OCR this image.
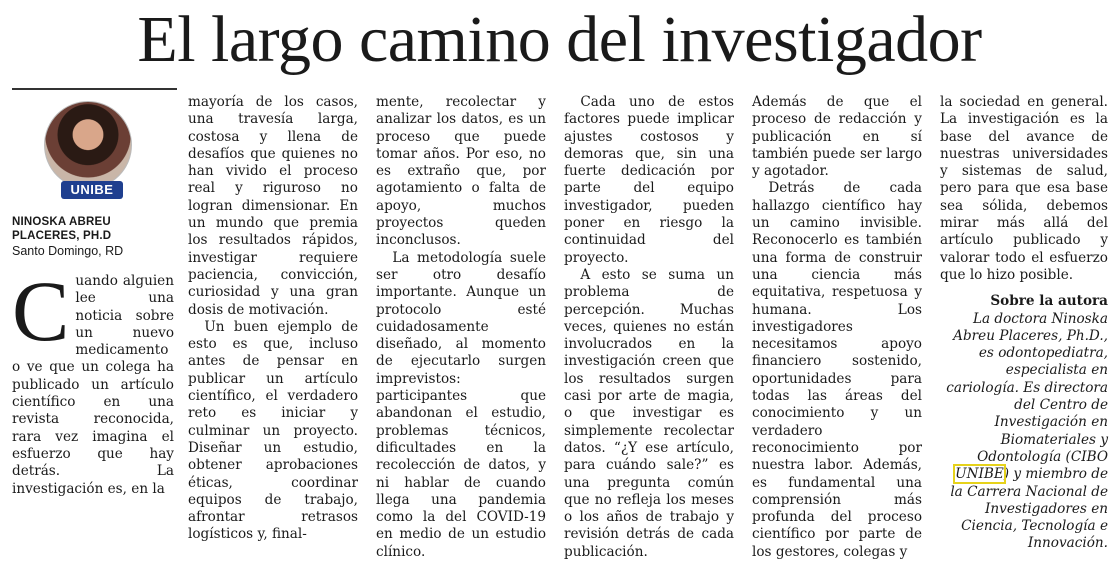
El largo camino del investigador
UNIBE
NINOSKA ABREU
PLACERES, PH.D
Santo Domingo, RD
C uando alguien lee una noticia sobre un nuevo medicamento o ve que un colega ha publicado un artículo científico en una revista reconocida, rara vez imagina el esfuerzo que hay detrás. La investigación es, en la

mayoría de los casos, una travesía larga, costosa y llena de desafíos que quienes no han vivido el proceso real y riguroso no logran dimensionar. En un mundo que premia los resultados rápidos, investigar requiere paciencia, convicción, curiosidad y una gran dosis de motivación.

Un buen ejemplo de esto es que, incluso antes de pensar en publicar un artículo científico, el verdadero reto es iniciar y culminar un proyecto. Diseñar un estudio, obtener aprobaciones éticas, coordinar equipos de trabajo, afrontar retrasos logísticos y, final-

mente, recolectar y analizar los datos, es un proceso que puede tomar años. Por eso, no es extraño que, por agotamiento o falta de apoyo, muchos proyectos queden inconclusos.

La metodología suele ser otro desafío importante. Aunque un protocolo esté cuidadosamente diseñado, al momento de ejecutarlo surgen imprevistos: participantes que abandonan el estudio, problemas técnicos, dificultades en la recolección de datos, y ni hablar de cuando llega una pandemia como la del COVID-19 en medio de un estudio clínico.

Cada uno de estos factores puede implicar ajustes costosos y demoras que, sin una fuerte dedicación por parte del equipo investigador, pueden poner en riesgo la continuidad del proyecto.

A esto se suma un problema de percepción. Muchas veces, quienes no están involucrados en la investigación creen que los resultados surgen casi por arte de magia, o que investigar es simplemente recolectar datos. “¿Y ese artículo, para cuándo sale?” es una pregunta común que no refleja los meses o los años de trabajo y revisión detrás de cada publicación.

Además de que el proceso de redacción y publicación en sí también puede ser largo y agotador.

Detrás de cada hallazgo científico hay un camino invisible. Reconocerlo es también una forma de construir una ciencia más equitativa, respetuosa y humana. Los investigadores necesitamos apoyo financiero sostenido, oportunidades para todas las áreas del conocimiento y un verdadero reconocimiento por nuestra labor. Además, es fundamental una comprensión más profunda del proceso científico por parte de los gestores, colegas y

la sociedad en general. La investigación es la base del avance de nuestras universidades y sistemas de salud, pero para que esa base sea sólida, debemos mirar más allá del artículo publicado y valorar todo el esfuerzo que lo hizo posible.

Sobre la autora

La doctora Ninoska Abreu Placeres, Ph.D., es odontopediatra, especialista en cariología. Es directora del Centro de Investigación en Biomateriales y Odontología (CIBO UNIBE) y miembro de la Carrera Nacional de Investigadores en Ciencia, Tecnología e Innovación.
